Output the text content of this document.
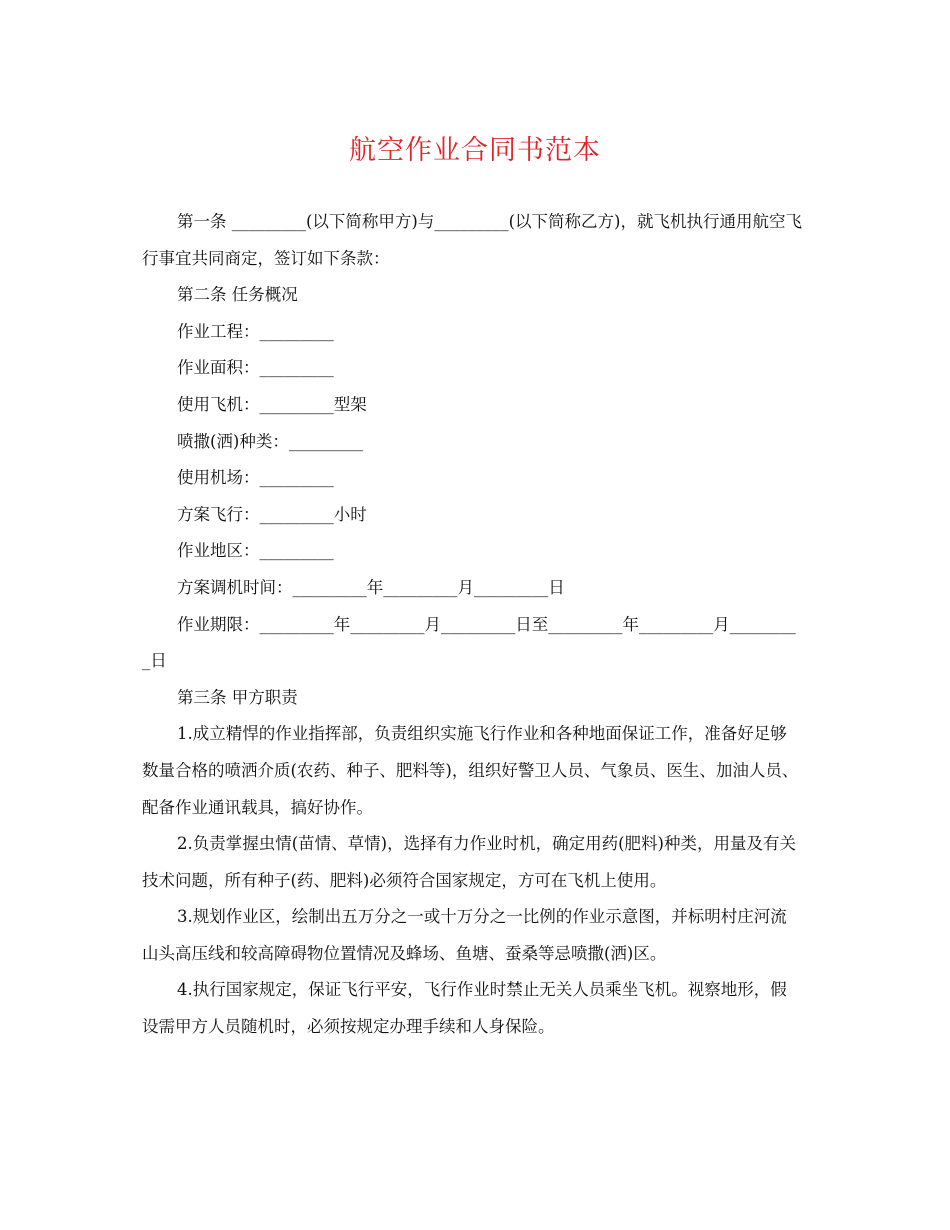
航空作业合同书范本

第一条 _________(以下简称甲方)与_________(以下简称乙方)，就飞机执行通用航空飞行事宜共同商定，签订如下条款：

第二条 任务概况

作业工程：_________

作业面积：_________

使用飞机：_________型架

喷撒(洒)种类：_________

使用机场：_________

方案飞行：_________小时

作业地区：_________

方案调机时间：_________年_________月_________日

作业期限：_________年_________月_________日至_________年_________月_________日

第三条 甲方职责

1.成立精悍的作业指挥部，负责组织实施飞行作业和各种地面保证工作，准备好足够数量合格的喷洒介质(农药、种子、肥料等)，组织好警卫人员、气象员、医生、加油人员、配备作业通讯载具，搞好协作。

2.负责掌握虫情(苗情、草情)，选择有力作业时机，确定用药(肥料)种类，用量及有关技术问题，所有种子(药、肥料)必须符合国家规定，方可在飞机上使用。

3.规划作业区，绘制出五万分之一或十万分之一比例的作业示意图，并标明村庄河流山头高压线和较高障碍物位置情况及蜂场、鱼塘、蚕桑等忌喷撒(洒)区。

4.执行国家规定，保证飞行平安，飞行作业时禁止无关人员乘坐飞机。视察地形，假设需甲方人员随机时，必须按规定办理手续和人身保险。
